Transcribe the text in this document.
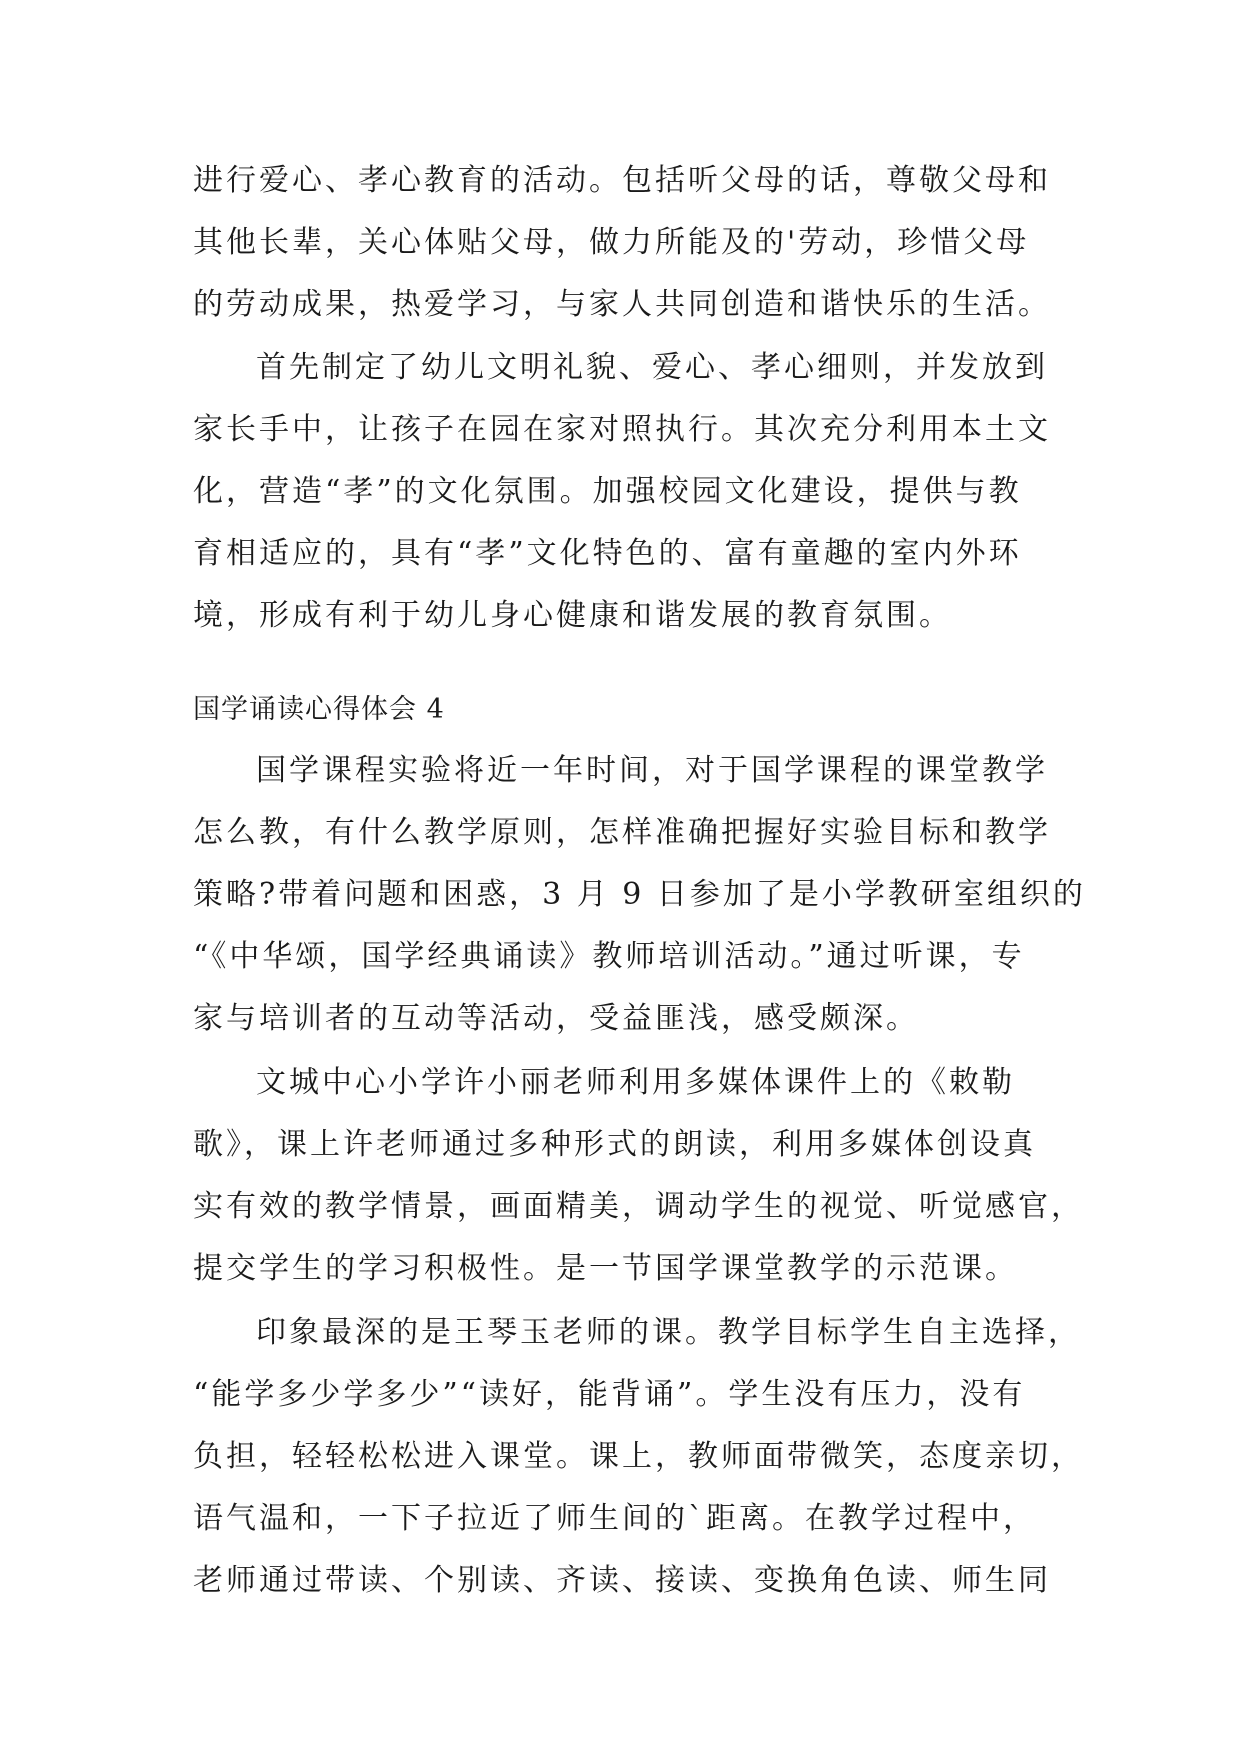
进行爱心、孝心教育的活动。包括听父母的话，尊敬父母和
其他长辈，关心体贴父母，做力所能及的'劳动，珍惜父母
的劳动成果，热爱学习，与家人共同创造和谐快乐的生活。
首先制定了幼儿文明礼貌、爱心、孝心细则，并发放到
家长手中，让孩子在园在家对照执行。其次充分利用本土文
化，营造“孝”的文化氛围。加强校园文化建设，提供与教
育相适应的，具有“孝”文化特色的、富有童趣的室内外环
境，形成有利于幼儿身心健康和谐发展的教育氛围。
国学诵读心得体会 4
国学课程实验将近一年时间，对于国学课程的课堂教学
怎么教，有什么教学原则，怎样准确把握好实验目标和教学
策略?带着问题和困惑，3 月 9 日参加了是小学教研室组织的
“《中华颂，国学经典诵读》教师培训活动。”通过听课，专
家与培训者的互动等活动，受益匪浅，感受颇深。
文城中心小学许小丽老师利用多媒体课件上的《敕勒
歌》，课上许老师通过多种形式的朗读，利用多媒体创设真
实有效的教学情景，画面精美，调动学生的视觉、听觉感官，
提交学生的学习积极性。是一节国学课堂教学的示范课。
印象最深的是王琴玉老师的课。教学目标学生自主选择，
“能学多少学多少”“读好，能背诵”。学生没有压力，没有
负担，轻轻松松进入课堂。课上，教师面带微笑，态度亲切，
语气温和，一下子拉近了师生间的`距离。在教学过程中，
老师通过带读、个别读、齐读、接读、变换角色读、师生同
